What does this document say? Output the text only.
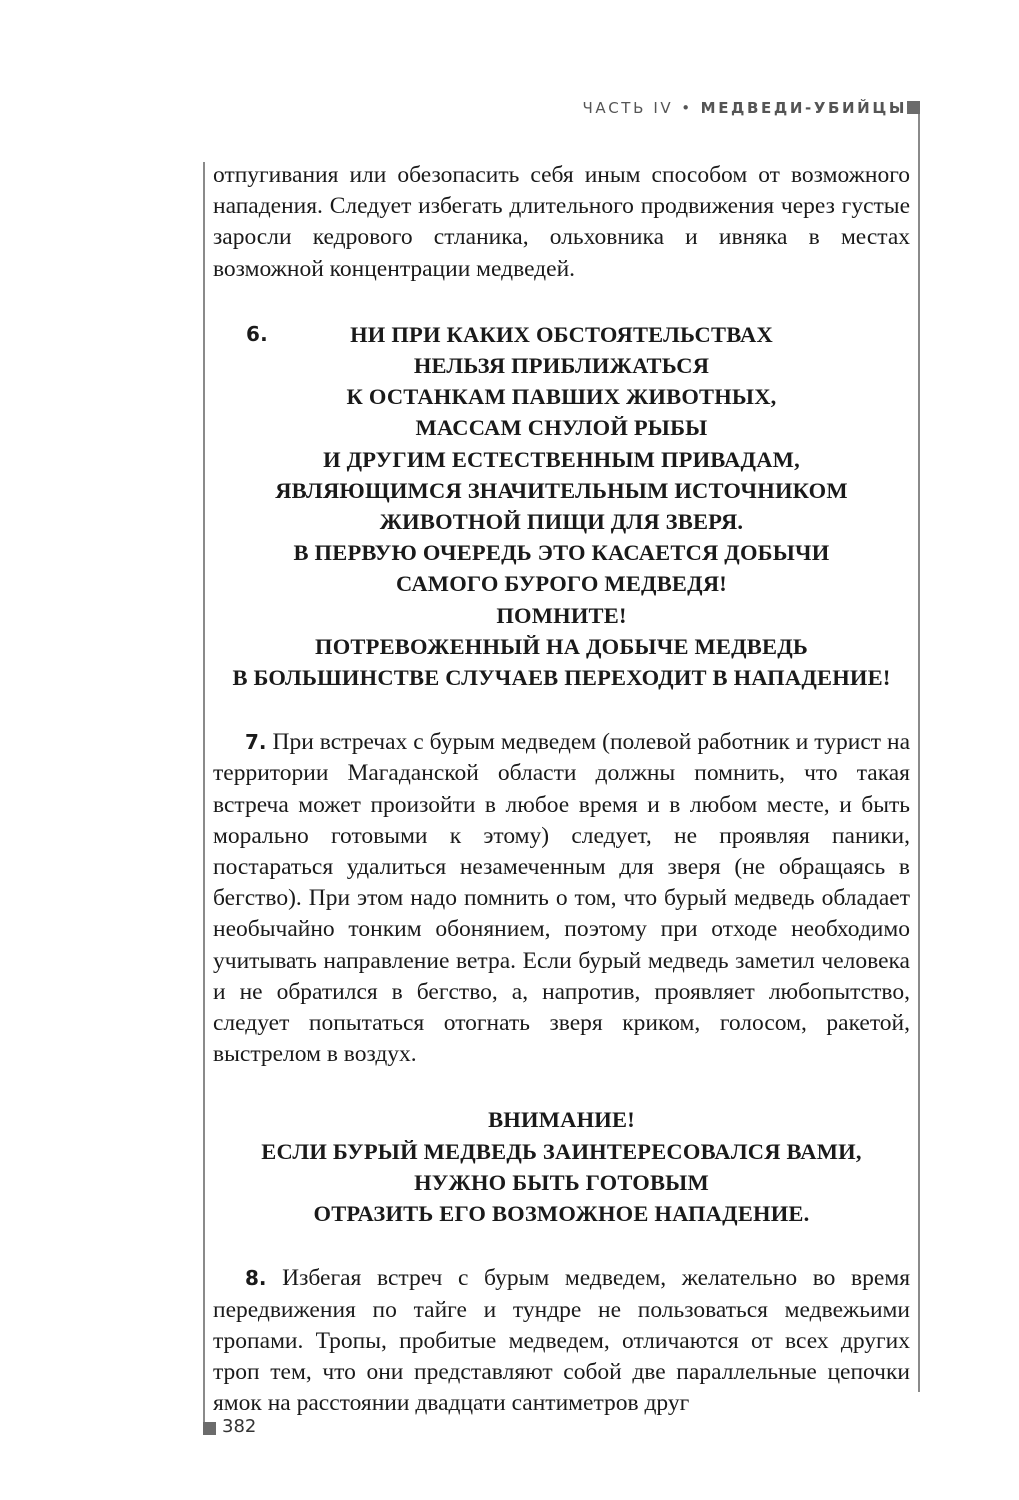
ЧАСТЬ IV • МЕДВЕДИ-УБИЙЦЫ

отпугивания или обезопасить себя иным способом от возможного нападения. Следует избегать длительного продвижения через густые заросли кедрового стланика, ольховника и ивняка в местах возможной концентрации медведей.

6.	НИ ПРИ КАКИХ ОБСТОЯТЕЛЬСТВАХ
НЕЛЬЗЯ ПРИБЛИЖАТЬСЯ
К ОСТАНКАМ ПАВШИХ ЖИВОТНЫХ,
МАССАМ СНУЛОЙ РЫБЫ
И ДРУГИМ ЕСТЕСТВЕННЫМ ПРИВАДАМ,
ЯВЛЯЮЩИМСЯ ЗНАЧИТЕЛЬНЫМ ИСТОЧНИКОМ
ЖИВОТНОЙ ПИЩИ ДЛЯ ЗВЕРЯ.
В ПЕРВУЮ ОЧЕРЕДЬ ЭТО КАСАЕТСЯ ДОБЫЧИ
САМОГО БУРОГО МЕДВЕДЯ!
ПОМНИТЕ!
ПОТРЕВОЖЕННЫЙ НА ДОБЫЧЕ МЕДВЕДЬ
В БОЛЬШИНСТВЕ СЛУЧАЕВ ПЕРЕХОДИТ В НАПАДЕНИЕ!

7. При встречах с бурым медведем (полевой работник и турист на территории Магаданской области должны помнить, что такая встреча может произойти в любое время и в любом месте, и быть морально готовыми к этому) следует, не проявляя паники, постараться удалиться незамеченным для зверя (не обращаясь в бегство). При этом надо помнить о том, что бурый медведь обладает необычайно тонким обонянием, поэтому при отходе необходимо учитывать направление ветра. Если бурый медведь заметил человека и не обратился в бегство, а, напротив, проявляет любопытство, следует попытаться отогнать зверя криком, голосом, ракетой, выстрелом в воздух.

ВНИМАНИЕ!
ЕСЛИ БУРЫЙ МЕДВЕДЬ ЗАИНТЕРЕСОВАЛСЯ ВАМИ,
НУЖНО БЫТЬ ГОТОВЫМ
ОТРАЗИТЬ ЕГО ВОЗМОЖНОЕ НАПАДЕНИЕ.

8. Избегая встреч с бурым медведем, желательно во время передвижения по тайге и тундре не пользоваться медвежьими тропами. Тропы, пробитые медведем, отличаются от всех других троп тем, что они представляют собой две параллельные цепочки ямок на расстоянии двадцати сантиметров друг

382
